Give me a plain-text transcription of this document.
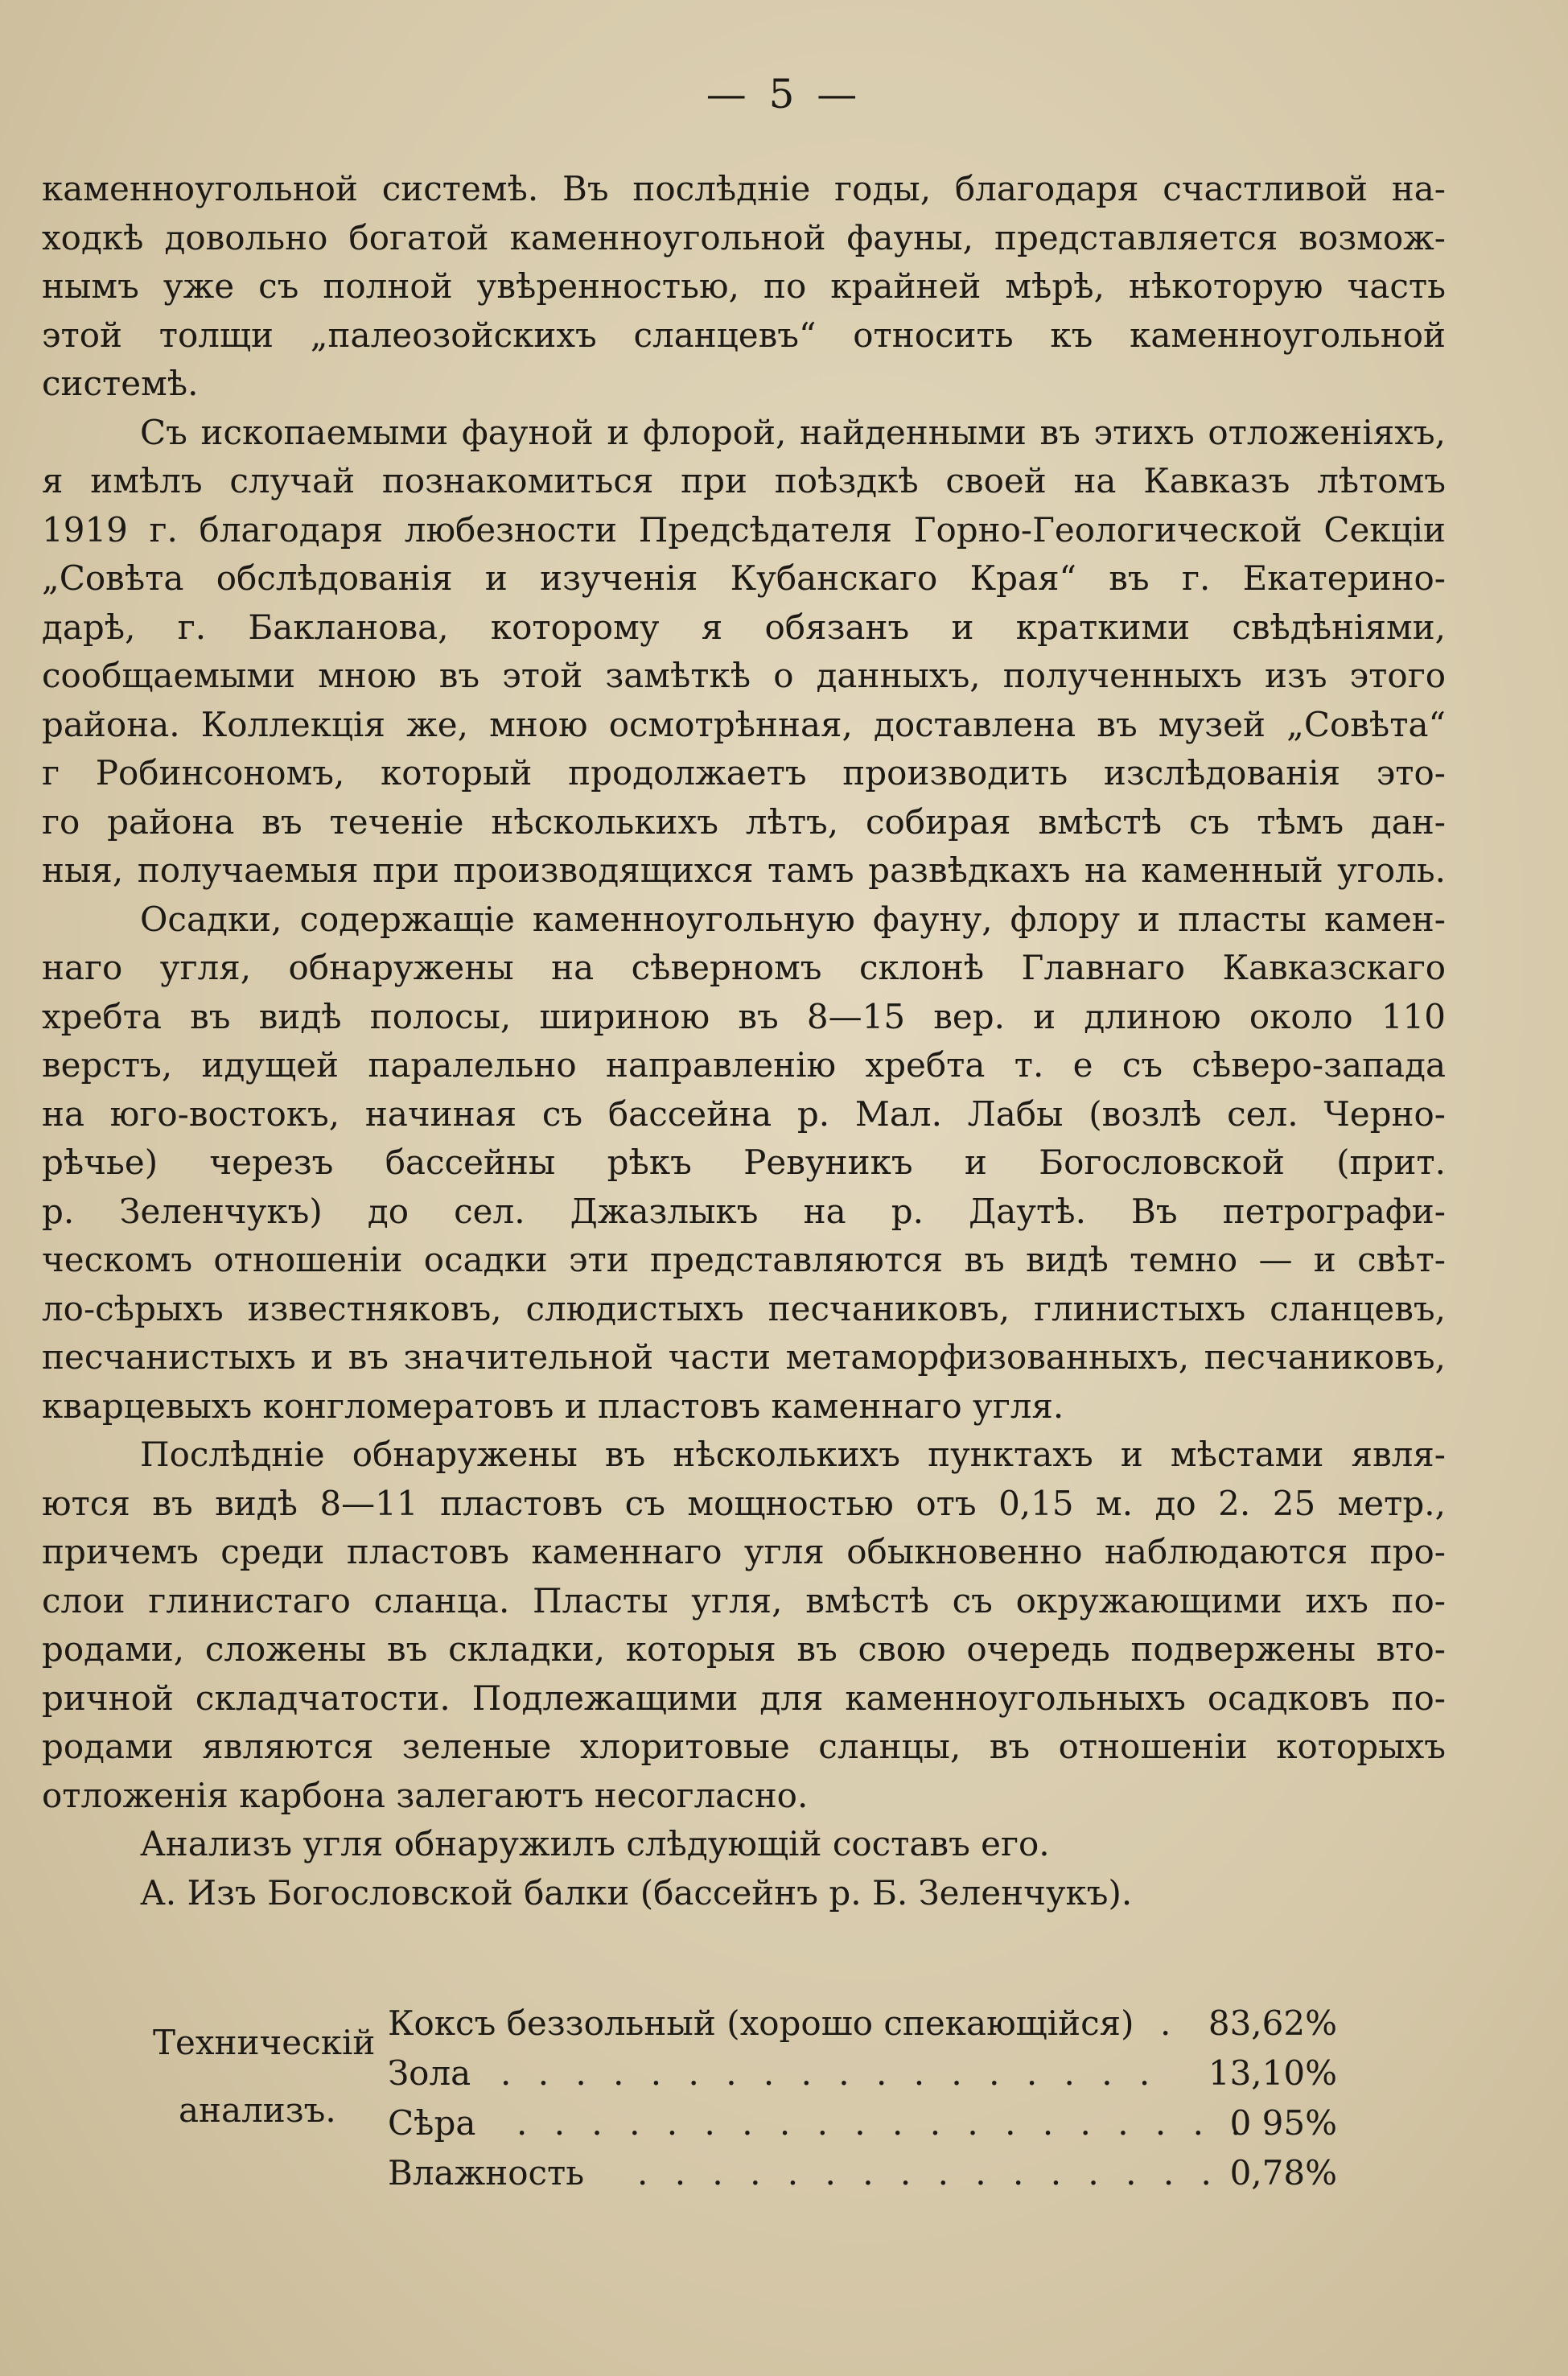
— 5 —
каменноугольной системѣ. Въ послѣдніе годы, благодаря счастливой на-
ходкѣ довольно богатой каменноугольной фауны, представляется возмож-
нымъ уже съ полной увѣренностью, по крайней мѣрѣ, нѣкоторую часть
этой толщи „палеозойскихъ сланцевъ“ относить къ каменноугольной
системѣ.
Съ ископаемыми фауной и флорой, найденными въ этихъ отложеніяхъ,
я имѣлъ случай познакомиться при поѣздкѣ своей на Кавказъ лѣтомъ
1919 г. благодаря любезности Предсѣдателя Горно-Геологической Секціи
„Совѣта обслѣдованія и изученія Кубанскаго Края“ въ г. Екатеринo-
дарѣ, г. Бакланова, которому я обязанъ и краткими свѣдѣніями,
сообщаемыми мною въ этой замѣткѣ о данныхъ, полученныхъ изъ этого
района. Коллекція же, мною осмотрѣнная, доставлена въ музей „Совѣта“
г Робинсономъ, который продолжаетъ производить изслѣдованія это-
го района въ теченіе нѣсколькихъ лѣтъ, собирая вмѣстѣ съ тѣмъ дан-
ныя, получаемыя при производящихся тамъ развѣдкахъ на каменный уголь.
Осадки, содержащіе каменноугольную фауну, флору и пласты камен-
наго угля, обнаружены на сѣверномъ склонѣ Главнаго Кавказскаго
хребта въ видѣ полосы, шириною въ 8—15 вер. и длиною около 110
верстъ, идущей паралельно направленію хребта т. е съ сѣверо-запада
на юго-востокъ, начиная съ бассейна р. Мал. Лабы (возлѣ сел. Черно-
рѣчье) черезъ бассейны рѣкъ Ревуникъ и Богословской (прит.
р. Зеленчукъ) до сел. Джазлыкъ на р. Даутѣ. Въ петрографи-
ческомъ отношеніи осадки эти представляются въ видѣ темно — и свѣт-
ло-сѣрыхъ известняковъ, слюдистыхъ песчаниковъ, глинистыхъ сланцевъ,
песчанистыхъ и въ значительной части метаморфизованныхъ, песчаниковъ,
кварцевыхъ конгломератовъ и пластовъ каменнаго угля.
Послѣдніе обнаружены въ нѣсколькихъ пунктахъ и мѣстами явля-
ются въ видѣ 8—11 пластовъ съ мощностью отъ 0,15 м. до 2. 25 метр.,
причемъ среди пластовъ каменнаго угля обыкновенно наблюдаются про-
слои глинистаго сланца. Пласты угля, вмѣстѣ съ окружающими ихъ по-
родами, сложены въ складки, которыя въ свою очередь подвержены вто-
ричной складчатости. Подлежащими для каменноугольныхъ осадковъ по-
родами являются зеленые хлоритовые сланцы, въ отношеніи которыхъ
отложенія карбона залегаютъ несогласно.
Анализъ угля обнаружилъ слѣдующій составъ его.
А. Изъ Богословской балки (бассейнъ р. Б. Зеленчукъ).
Техническій
анализъ.
Коксъ беззольный (хорошо спекающійся) . 83,62%
Зола . . . . . . . . . . . . . . . . . . 13,10%
Сѣра . . . . . . . . . . . . . . . . . . . .
0 95%
Влажность . . . . . . . . . . . . . . . . 0,78%
